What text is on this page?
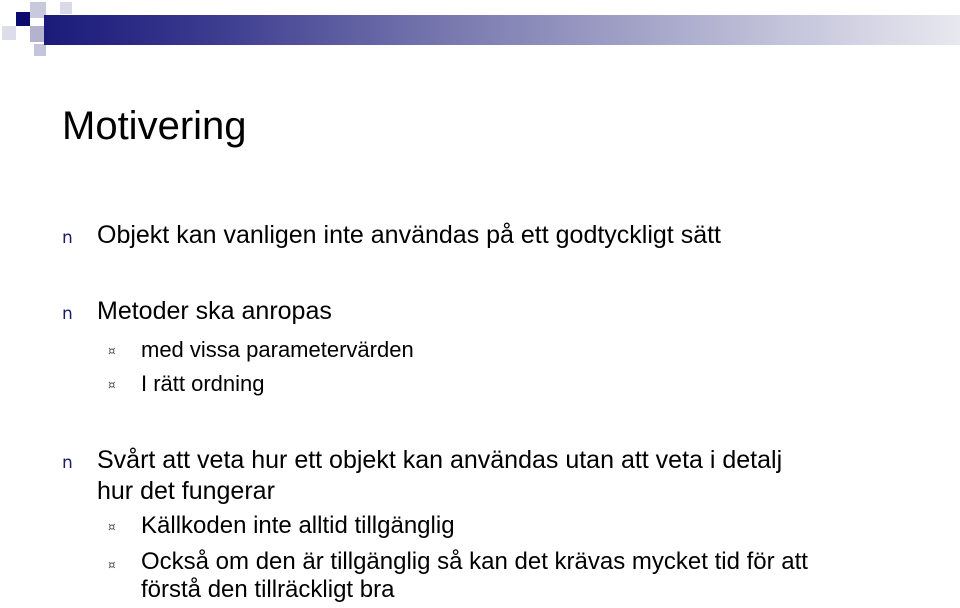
Motivering
n Objekt kan vanligen inte användas på ett godtyckligt sätt
n Metoder ska anropas
¤ med vissa parametervärden
¤ I rätt ordning
n Svårt att veta hur ett objekt kan användas utan att veta i detalj
hur det fungerar
¤ Källkoden inte alltid tillgänglig
¤ Också om den är tillgänglig så kan det krävas mycket tid för att
förstå den tillräckligt bra
